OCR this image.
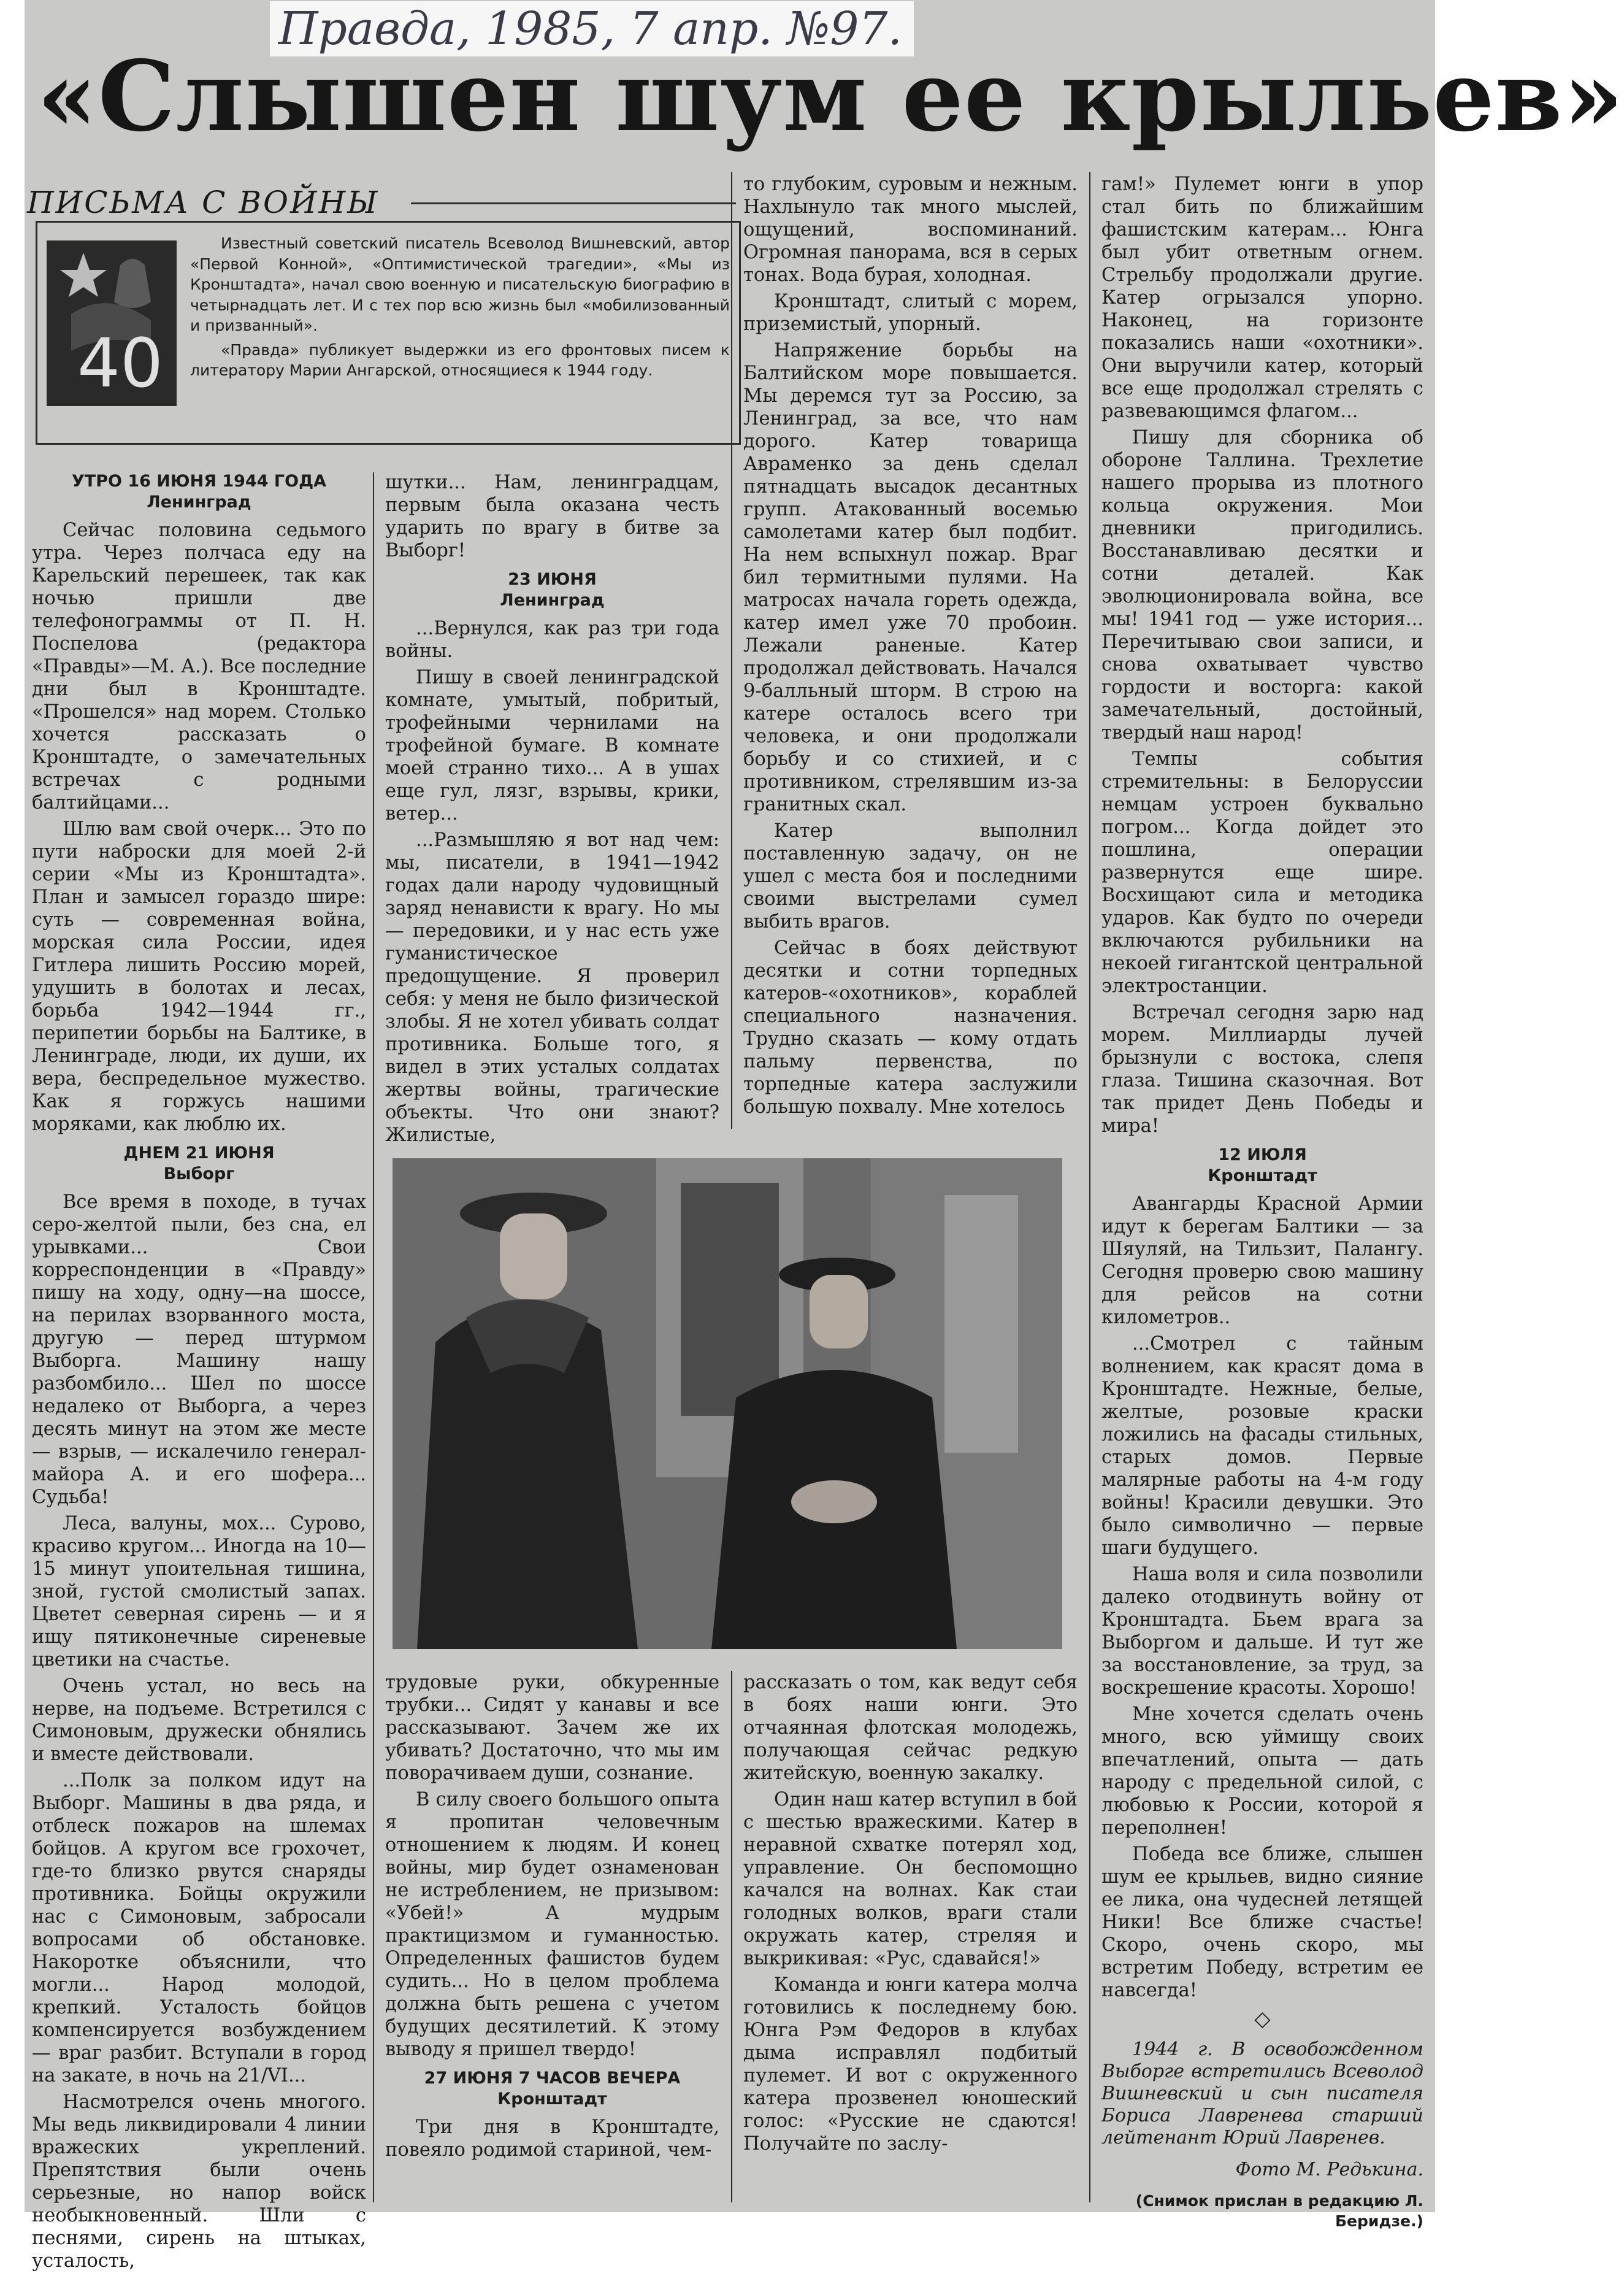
Правда, 1985, 7 апр. №97.
«Слышен шум ее крыльев»
ПИСЬМА С ВОЙНЫ
40

Известный советский писатель Всеволод Вишневский, автор «Первой Конной», «Оптимистической трагедии», «Мы из Кронштадта», начал свою военную и писательскую биографию в четырнадцать лет. И с тех пор всю жизнь был «мобилизованный и призванный».

«Правда» публикует выдержки из его фронтовых писем к литератору Марии Ангарской, относящиеся к 1944 году.

УТРО 16 ИЮНЯ 1944 ГОДА
Ленинград

Сейчас половина седьмого утра. Через полчаса еду на Карельский перешеек, так как ночью пришли две телефонограммы от П. Н. Поспелова (редактора «Правды»—М. А.). Все последние дни был в Кронштадте. «Прошелся» над морем. Столько хочется рассказать о Кронштадте, о замечательных встречах с родными балтийцами...

Шлю вам свой очерк... Это по пути наброски для моей 2-й серии «Мы из Кронштадта». План и замысел гораздо шире: суть — современная война, морская сила России, идея Гитлера лишить Россию морей, удушить в болотах и лесах, борьба 1942—1944 гг., перипетии борьбы на Балтике, в Ленинграде, люди, их души, их вера, беспредельное мужество. Как я горжусь нашими моряками, как люблю их.

ДНЕМ 21 ИЮНЯ
Выборг

Все время в походе, в тучах серо-желтой пыли, без сна, ел урывками... Свои корреспонденции в «Правду» пишу на ходу, одну—на шоссе, на перилах взорванного моста, другую — перед штурмом Выборга. Машину нашу разбомбило... Шел по шоссе недалеко от Выборга, а через десять минут на этом же месте — взрыв, — искалечило генерал-майора А. и его шофера... Судьба!

Леса, валуны, мох... Сурово, красиво кругом... Иногда на 10—15 минут упоительная тишина, зной, густой смолистый запах. Цветет северная сирень — и я ищу пятиконечные сиреневые цветики на счастье.

Очень устал, но весь на нерве, на подъеме. Встретился с Симоновым, дружески обнялись и вместе действовали.

...Полк за полком идут на Выборг. Машины в два ряда, и отблеск пожаров на шлемах бойцов. А кругом все грохочет, где-то близко рвутся снаряды противника. Бойцы окружили нас с Симоновым, забросали вопросами об обстановке. Накоротке объяснили, что могли... Народ молодой, крепкий. Усталость бойцов компенсируется возбуждением — враг разбит. Вступали в город на закате, в ночь на 21/VI...

Насмотрелся очень многого. Мы ведь ликвидировали 4 линии вражеских укреплений. Препятствия были очень серьезные, но напор войск необыкновенный. Шли с песнями, сирень на штыках, усталость,

шутки... Нам, ленинградцам, первым была оказана честь ударить по врагу в битве за Выборг!

23 ИЮНЯ
Ленинград

...Вернулся, как раз три года войны.

Пишу в своей ленинградской комнате, умытый, побритый, трофейными чернилами на трофейной бумаге. В комнате моей странно тихо... А в ушах еще гул, лязг, взрывы, крики, ветер...

...Размышляю я вот над чем: мы, писатели, в 1941—1942 годах дали народу чудовищный заряд ненависти к врагу. Но мы — передовики, и у нас есть уже гуманистическое предощущение. Я проверил себя: у меня не было физической злобы. Я не хотел убивать солдат противника. Больше того, я видел в этих усталых солдатах жертвы войны, трагические объекты. Что они знают? Жилистые,

то глубоким, суровым и нежным. Нахлынуло так много мыслей, ощущений, воспоминаний. Огромная панорама, вся в серых тонах. Вода бурая, холодная.

Кронштадт, слитый с морем, приземистый, упорный.

Напряжение борьбы на Балтийском море повышается. Мы деремся тут за Россию, за Ленинград, за все, что нам дорого. Катер товарища Авраменко за день сделал пятнадцать высадок десантных групп. Атакованный восемью самолетами катер был подбит. На нем вспыхнул пожар. Враг бил термитными пулями. На матросах начала гореть одежда, катер имел уже 70 пробоин. Лежали раненые. Катер продолжал действовать. Начался 9-балльный шторм. В строю на катере осталось всего три человека, и они продолжали борьбу и со стихией, и с противником, стрелявшим из-за гранитных скал.

Катер выполнил поставленную задачу, он не ушел с места боя и последними своими выстрелами сумел выбить врагов.

Сейчас в боях действуют десятки и сотни торпедных катеров-«охотников», кораблей специального назначения. Трудно сказать — кому отдать пальму первенства, по торпедные катера заслужили большую похвалу. Мне хотелось

трудовые руки, обкуренные трубки... Сидят у канавы и все рассказывают. Зачем же их убивать? Достаточно, что мы им поворачиваем души, сознание.

В силу своего большого опыта я пропитан человечным отношением к людям. И конец войны, мир будет ознаменован не истреблением, не призывом: «Убей!» А мудрым практицизмом и гуманностью. Определенных фашистов будем судить... Но в целом проблема должна быть решена с учетом будущих десятилетий. К этому выводу я пришел твердо!

27 ИЮНЯ 7 ЧАСОВ ВЕЧЕРА
Кронштадт

Три дня в Кронштадте, повеяло родимой стариной, чем-

рассказать о том, как ведут себя в боях наши юнги. Это отчаянная флотская молодежь, получающая сейчас редкую житейскую, военную закалку.

Один наш катер вступил в бой с шестью вражескими. Катер в неравной схватке потерял ход, управление. Он беспомощно качался на волнах. Как стаи голодных волков, враги стали окружать катер, стреляя и выкрикивая: «Рус, сдавайся!»

Команда и юнги катера молча готовились к последнему бою. Юнга Рэм Федоров в клубах дыма исправлял подбитый пулемет. И вот с окруженного катера прозвенел юношеский голос: «Русские не сдаются! Получайте по заслу-

гам!» Пулемет юнги в упор стал бить по ближайшим фашистским катерам... Юнга был убит ответным огнем. Стрельбу продолжали другие. Катер огрызался упорно. Наконец, на горизонте показались наши «охотники». Они выручили катер, который все еще продолжал стрелять с развевающимся флагом...

Пишу для сборника об обороне Таллина. Трехлетие нашего прорыва из плотного кольца окружения. Мои дневники пригодились. Восстанавливаю десятки и сотни деталей. Как эволюционировала война, все мы! 1941 год — уже история... Перечитываю свои записи, и снова охватывает чувство гордости и восторга: какой замечательный, достойный, твердый наш народ!

Темпы события стремительны: в Белоруссии немцам устроен буквально погром... Когда дойдет это пошлина, операции развернутся еще шире. Восхищают сила и методика ударов. Как будто по очереди включаются рубильники на некоей гигантской центральной электростанции.

Встречал сегодня зарю над морем. Миллиарды лучей брызнули с востока, слепя глаза. Тишина сказочная. Вот так придет День Победы и мира!

12 ИЮЛЯ
Кронштадт

Авангарды Красной Армии идут к берегам Балтики — за Шяуляй, на Тильзит, Палангу. Сегодня проверю свою машину для рейсов на сотни километров..

...Смотрел с тайным волнением, как красят дома в Кронштадте. Нежные, белые, желтые, розовые краски ложились на фасады стильных, старых домов. Первые малярные работы на 4-м году войны! Красили девушки. Это было символично — первые шаги будущего.

Наша воля и сила позволили далеко отодвинуть войну от Кронштадта. Бьем врага за Выборгом и дальше. И тут же за восстановление, за труд, за воскрешение красоты. Хорошо!

Мне хочется сделать очень много, всю уймищу своих впечатлений, опыта — дать народу с предельной силой, с любовью к России, которой я переполнен!

Победа все ближе, слышен шум ее крыльев, видно сияние ее лика, она чудесней летящей Ники! Все ближе счастье! Скоро, очень скоро, мы встретим Победу, встретим ее навсегда!

◇

1944 г. В освобожденном Выборге встретились Всеволод Вишневский и сын писателя Бориса Лавренева старший лейтенант Юрий Лавренев.

Фото М. Редькина.

(Снимок прислан в редакцию Л. Беридзе.)
